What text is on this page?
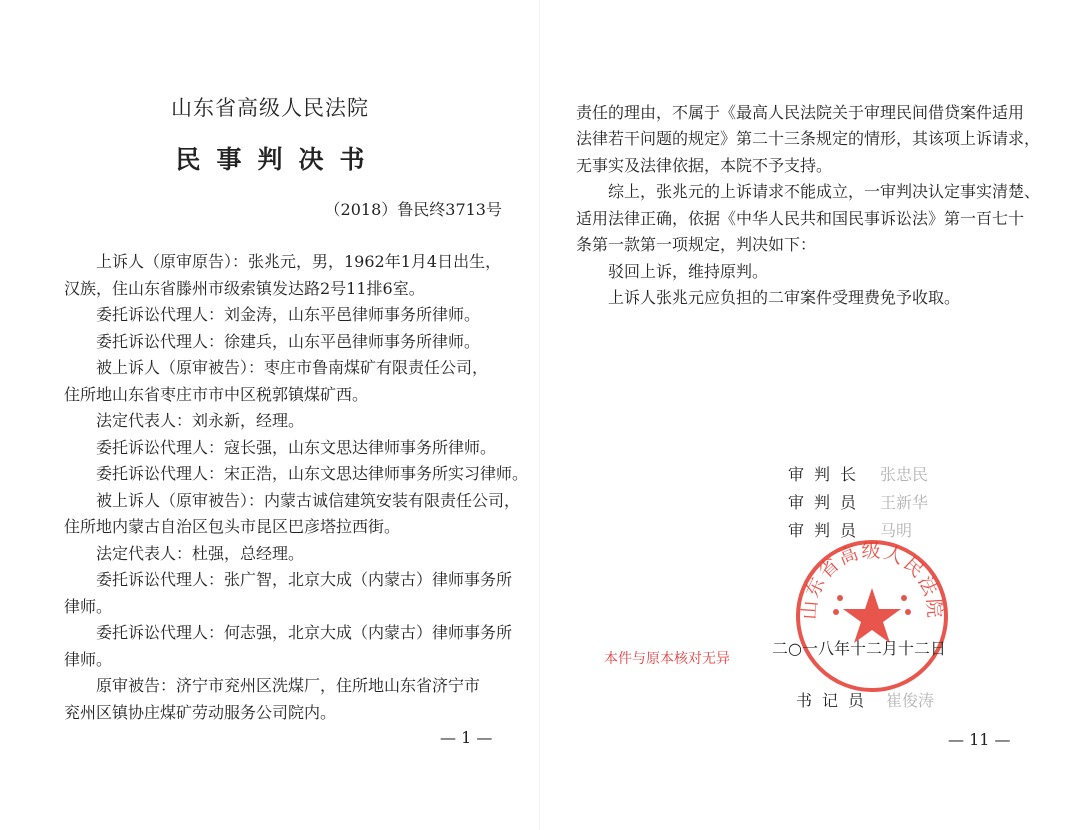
山东省高级人民法院
民事判决书
（2018）鲁民终3713号
上诉人（原审原告）：张兆元，男，1962年1月4日出生，
汉族，住山东省滕州市级索镇发达路2号11排6室。
委托诉讼代理人：刘金涛，山东平邑律师事务所律师。
委托诉讼代理人：徐建兵，山东平邑律师事务所律师。
被上诉人（原审被告）：枣庄市鲁南煤矿有限责任公司，
住所地山东省枣庄市市中区税郭镇煤矿西。
法定代表人：刘永新，经理。
委托诉讼代理人：寇长强，山东文思达律师事务所律师。
委托诉讼代理人：宋正浩，山东文思达律师事务所实习律师。
被上诉人（原审被告）：内蒙古诚信建筑安装有限责任公司，
住所地内蒙古自治区包头市昆区巴彦塔拉西街。
法定代表人：杜强，总经理。
委托诉讼代理人：张广智，北京大成（内蒙古）律师事务所
律师。
委托诉讼代理人：何志强，北京大成（内蒙古）律师事务所
律师。
原审被告：济宁市兖州区洗煤厂，住所地山东省济宁市
兖州区镇协庄煤矿劳动服务公司院内。
— 1 —
责任的理由，不属于《最高人民法院关于审理民间借贷案件适用
法律若干问题的规定》第二十三条规定的情形，其该项上诉请求，
无事实及法律依据，本院不予支持。
综上，张兆元的上诉请求不能成立，一审判决认定事实清楚、
适用法律正确，依据《中华人民共和国民事诉讼法》第一百七十
条第一款第一项规定，判决如下：
驳回上诉，维持原判。
上诉人张兆元应负担的二审案件受理费免予收取。
审判长 张忠民
审判员 王新华
审判员 马明
山东省高级人民法院
本件与原本核对无异
二○一八年十二月十二日
书记员 崔俊涛
— 11 —
